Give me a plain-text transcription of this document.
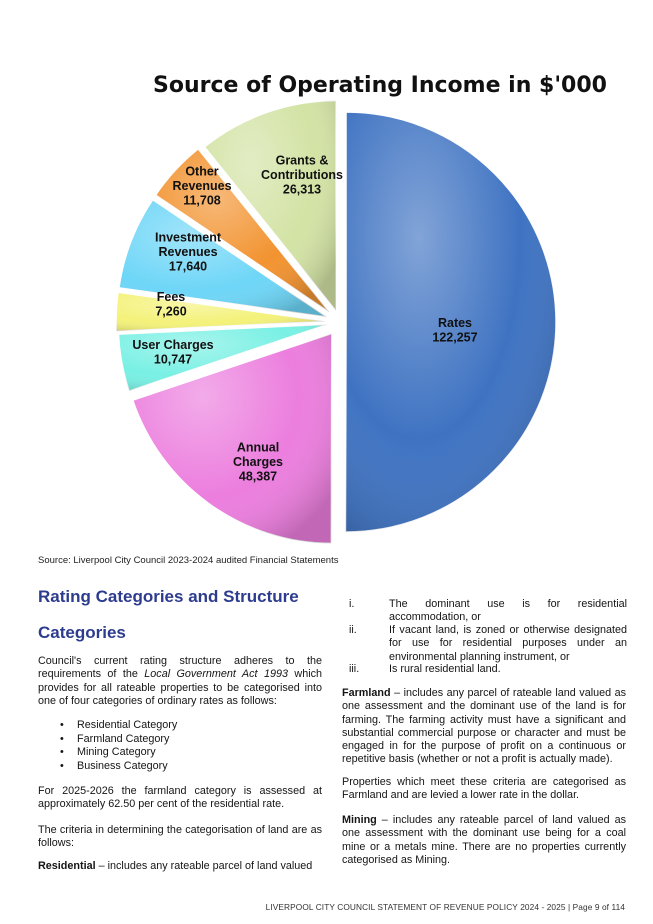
Source of Operating Income in $'000
Rates 122,257
Annual Charges 48,387
User Charges 10,747
Fees 7,260
Investment Revenues 17,640
Other Revenues 11,708
Grants & Contributions 26,313
Source: Liverpool City Council 2023-2024 audited Financial Statements
Rating Categories and Structure
Categories
Council's current rating structure adheres to the requirements of the Local Government Act 1993 which provides for all rateable properties to be categorised into one of four categories of ordinary rates as follows:
• Residential Category
• Farmland Category
• Mining Category
• Business Category
For 2025-2026 the farmland category is assessed at approximately 62.50 per cent of the residential rate.
The criteria in determining the categorisation of land are as follows:
Residential – includes any rateable parcel of land valued
i.	The dominant use is for residential accommodation, or
ii.	If vacant land, is zoned or otherwise designated for use for residential purposes under an environmental planning instrument, or
iii.	Is rural residential land.
Farmland – includes any parcel of rateable land valued as one assessment and the dominant use of the land is for farming. The farming activity must have a significant and substantial commercial purpose or character and must be engaged in for the purpose of profit on a continuous or repetitive basis (whether or not a profit is actually made).
Properties which meet these criteria are categorised as Farmland and are levied a lower rate in the dollar.
Mining – includes any rateable parcel of land valued as one assessment with the dominant use being for a coal mine or a metals mine. There are no properties currently categorised as Mining.
LIVERPOOL CITY COUNCIL STATEMENT OF REVENUE POLICY 2024 - 2025 | Page 9 of 114
